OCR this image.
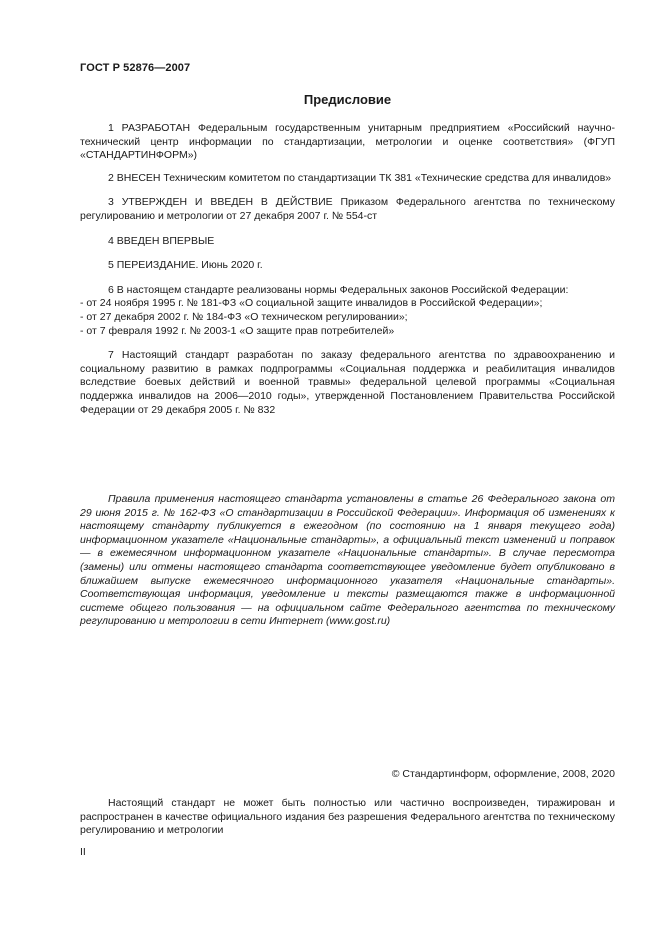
ГОСТ Р 52876—2007
Предисловие

1 РАЗРАБОТАН Федеральным государственным унитарным предприятием «Российский научно-технический центр информации по стандартизации, метрологии и оценке соответствия» (ФГУП «СТАНДАРТИНФОРМ»)

2 ВНЕСЕН Техническим комитетом по стандартизации ТК 381 «Технические средства для инвалидов»

3 УТВЕРЖДЕН И ВВЕДЕН В ДЕЙСТВИЕ Приказом Федерального агентства по техническому регулированию и метрологии от 27 декабря 2007 г. № 554-ст

4 ВВЕДЕН ВПЕРВЫЕ

5 ПЕРЕИЗДАНИЕ. Июнь 2020 г.

6 В настоящем стандарте реализованы нормы Федеральных законов Российской Федерации:

- от 24 ноября 1995 г. № 181-ФЗ «О социальной защите инвалидов в Российской Федерации»;

- от 27 декабря 2002 г. № 184-ФЗ «О техническом регулировании»;

- от 7 февраля 1992 г. № 2003-1 «О защите прав потребителей»

7 Настоящий стандарт разработан по заказу федерального агентства по здравоохранению и социальному развитию в рамках подпрограммы «Социальная поддержка и реабилитация инвалидов вследствие боевых действий и военной травмы» федеральной целевой программы «Социальная поддержка инвалидов на 2006—2010 годы», утвержденной Постановлением Правительства Российской Федерации от 29 декабря 2005 г. № 832

Правила применения настоящего стандарта установлены в статье 26 Федерального закона от 29 июня 2015 г. № 162-ФЗ «О стандартизации в Российской Федерации». Информация об изменениях к настоящему стандарту публикуется в ежегодном (по состоянию на 1 января текущего года) информационном указателе «Национальные стандарты», а официальный текст изменений и поправок — в ежемесячном информационном указателе «Национальные стандарты». В случае пересмотра (замены) или отмены настоящего стандарта соответствующее уведомление будет опубликовано в ближайшем выпуске ежемесячного информационного указателя «Национальные стандарты». Соответствующая информация, уведомление и тексты размещаются также в информационной системе общего пользования — на официальном сайте Федерального агентства по техническому регулированию и метрологии в сети Интернет (www.gost.ru)
© Стандартинформ, оформление, 2008, 2020
Настоящий стандарт не может быть полностью или частично воспроизведен, тиражирован и распространен в качестве официального издания без разрешения Федерального агентства по техническому регулированию и метрологии
II
